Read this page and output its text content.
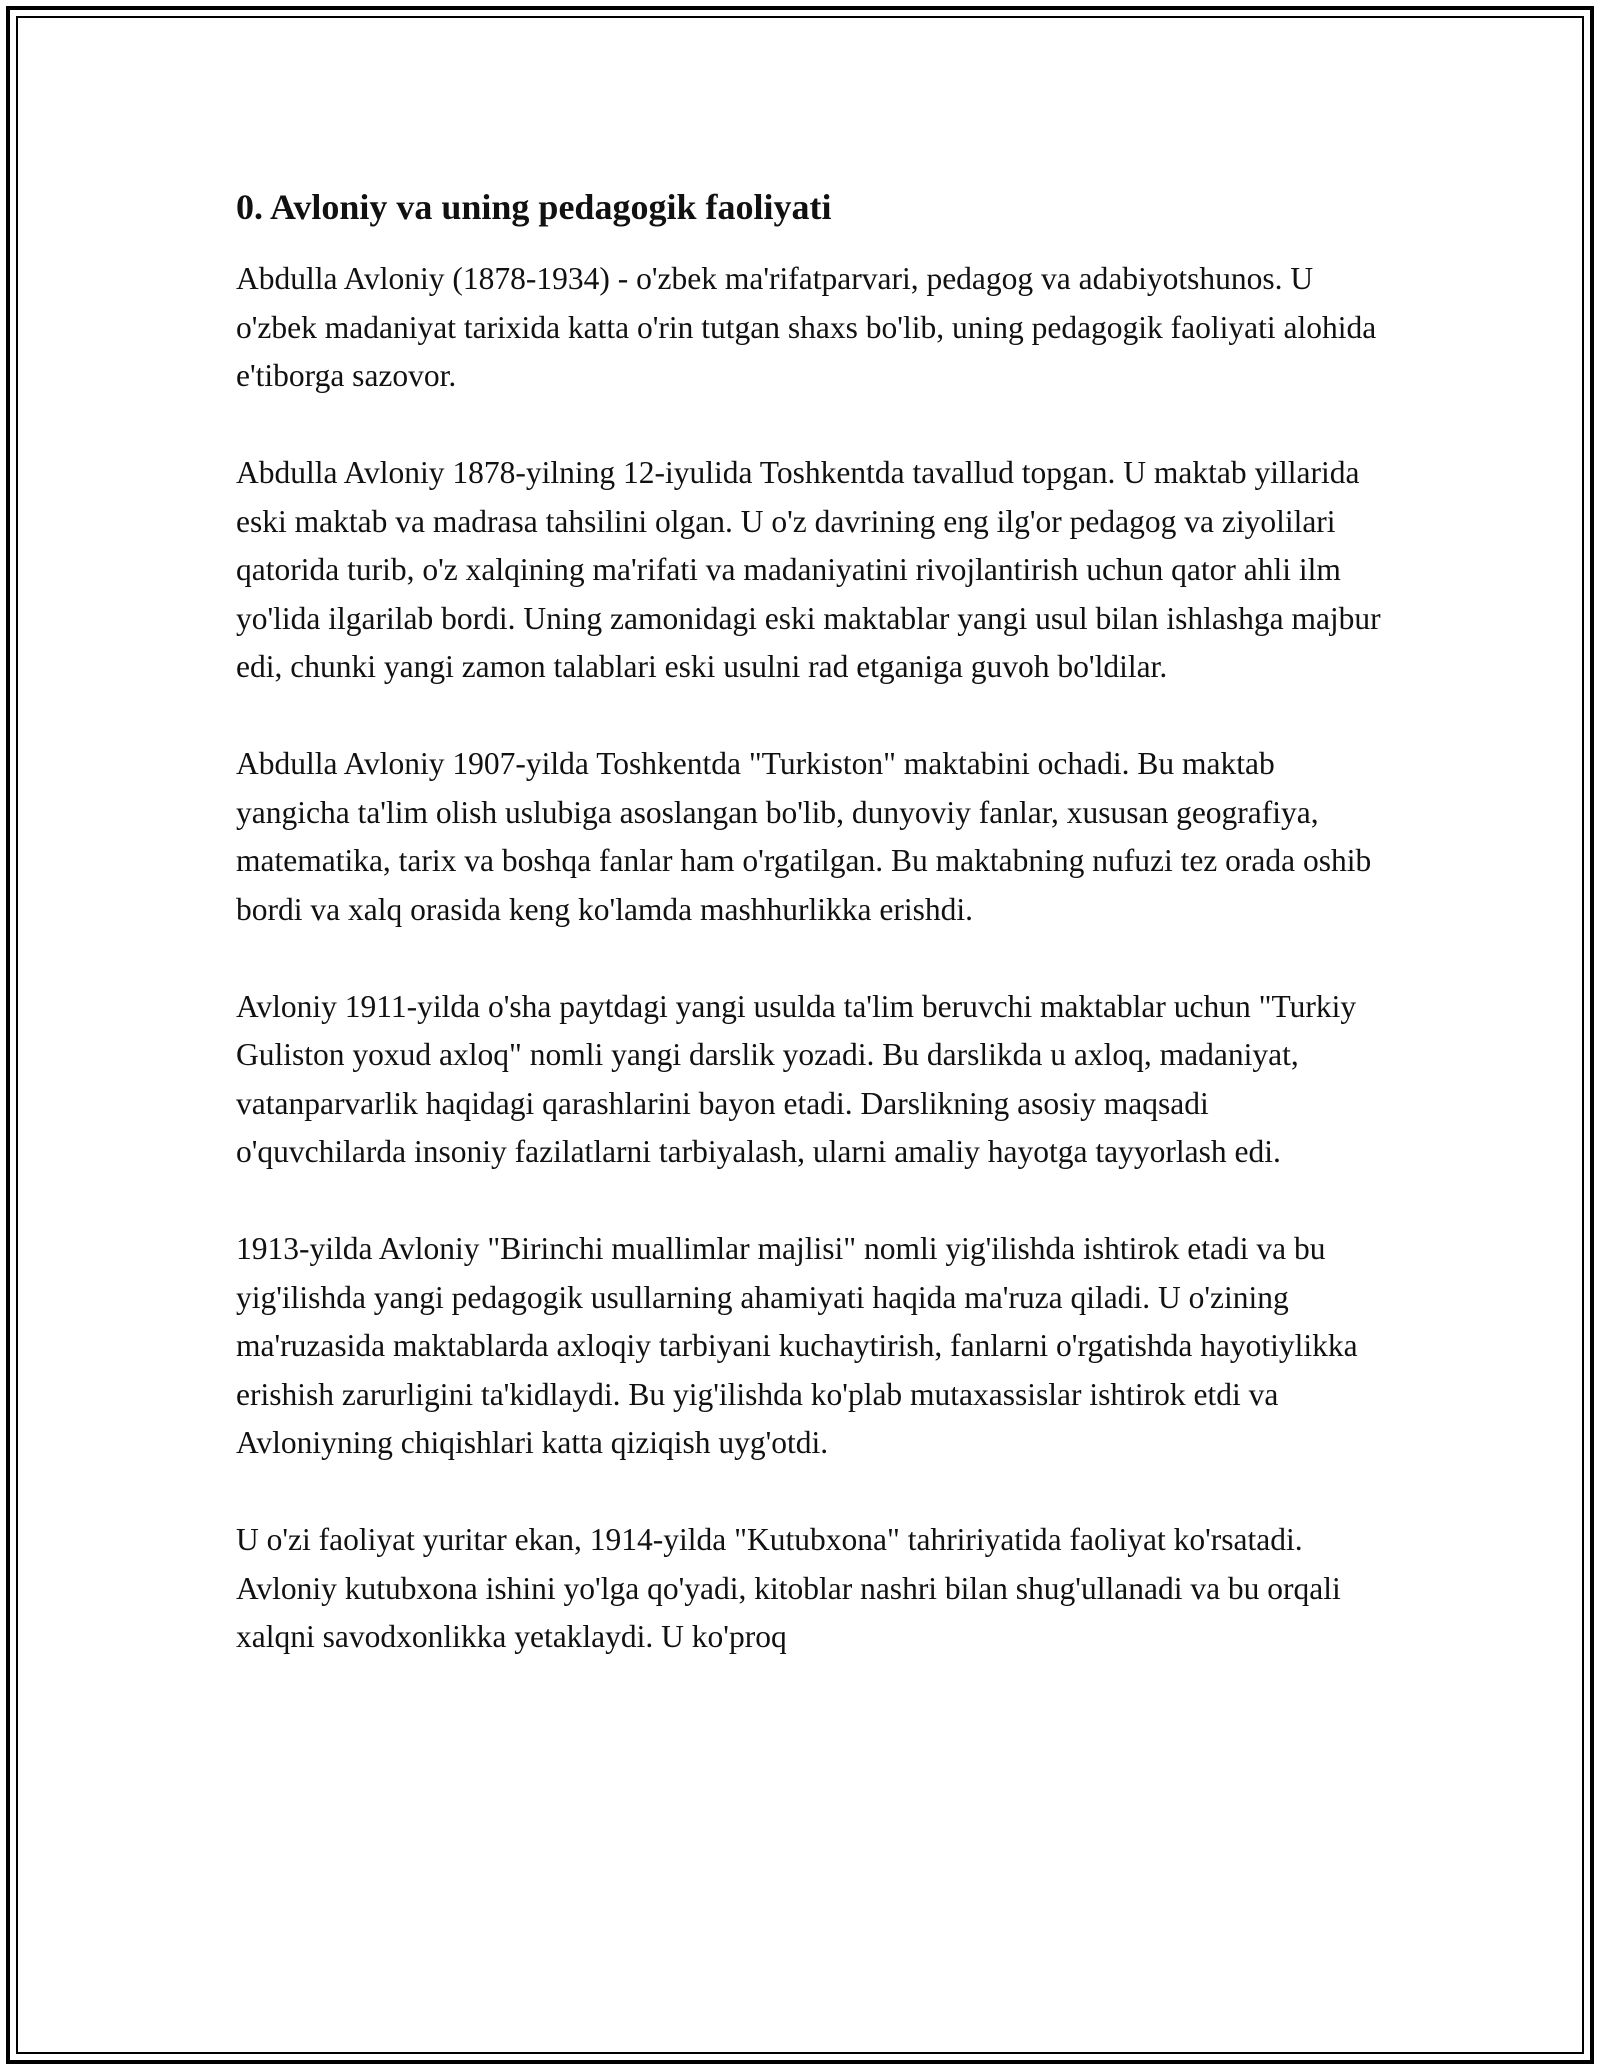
0. Avloniy va uning pedagogik faoliyati

Abdulla Avloniy (1878-1934) - o'zbek ma'rifatparvari, pedagog va adabiyotshunos. U o'zbek madaniyat tarixida katta o'rin tutgan shaxs bo'lib, uning pedagogik faoliyati alohida e'tiborga sazovor.

Abdulla Avloniy 1878-yilning 12-iyulida Toshkentda tavallud topgan. U maktab yillarida eski maktab va madrasa tahsilini olgan. U o'z davrining eng ilg'or pedagog va ziyolilari qatorida turib, o'z xalqining ma'rifati va madaniyatini rivojlantirish uchun qator ahli ilm yo'lida ilgarilab bordi. Uning zamonidagi eski maktablar yangi usul bilan ishlashga majbur edi, chunki yangi zamon talablari eski usulni rad etganiga guvoh bo'ldilar.

Abdulla Avloniy 1907-yilda Toshkentda "Turkiston" maktabini ochadi. Bu maktab yangicha ta'lim olish uslubiga asoslangan bo'lib, dunyoviy fanlar, xususan geografiya, matematika, tarix va boshqa fanlar ham o'rgatilgan. Bu maktabning nufuzi tez orada oshib bordi va xalq orasida keng ko'lamda mashhurlikka erishdi.

Avloniy 1911-yilda o'sha paytdagi yangi usulda ta'lim beruvchi maktablar uchun "Turkiy Guliston yoxud axloq" nomli yangi darslik yozadi. Bu darslikda u axloq, madaniyat, vatanparvarlik haqidagi qarashlarini bayon etadi. Darslikning asosiy maqsadi o'quvchilarda insoniy fazilatlarni tarbiyalash, ularni amaliy hayotga tayyorlash edi.

1913-yilda Avloniy "Birinchi muallimlar majlisi" nomli yig'ilishda ishtirok etadi va bu yig'ilishda yangi pedagogik usullarning ahamiyati haqida ma'ruza qiladi. U o'zining ma'ruzasida maktablarda axloqiy tarbiyani kuchaytirish, fanlarni o'rgatishda hayotiylikka erishish zarurligini ta'kidlaydi. Bu yig'ilishda ko'plab mutaxassislar ishtirok etdi va Avloniyning chiqishlari katta qiziqish uyg'otdi.

U o'zi faoliyat yuritar ekan, 1914-yilda "Kutubxona" tahririyatida faoliyat ko'rsatadi. Avloniy kutubxona ishini yo'lga qo'yadi, kitoblar nashri bilan shug'ullanadi va bu orqali xalqni savodxonlikka yetaklaydi. U ko'proq
